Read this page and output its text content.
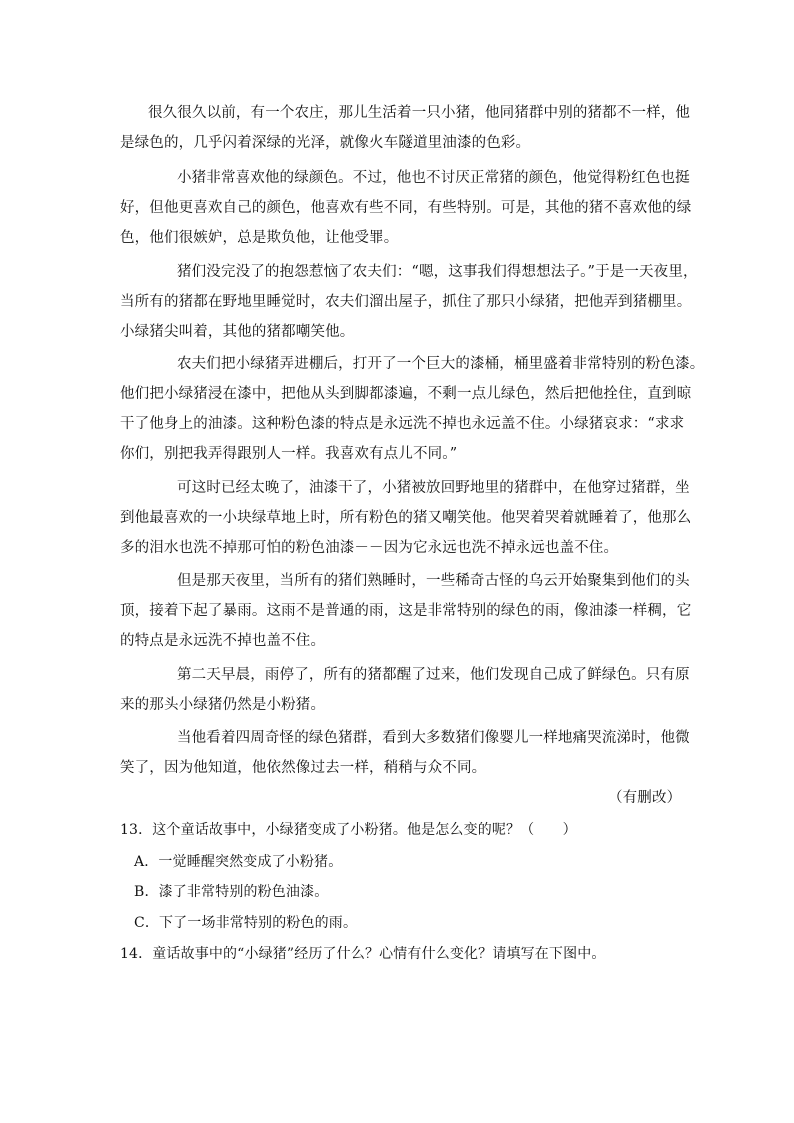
很久很久以前，有一个农庄，那儿生活着一只小猪，他同猪群中别的猪都不一样，他

是绿色的，几乎闪着深绿的光泽，就像火车隧道里油漆的色彩。

小猪非常喜欢他的绿颜色。不过，他也不讨厌正常猪的颜色，他觉得粉红色也挺

好，但他更喜欢自己的颜色，他喜欢有些不同，有些特别。可是，其他的猪不喜欢他的绿

色，他们很嫉妒，总是欺负他，让他受罪。

猪们没完没了的抱怨惹恼了农夫们：“嗯，这事我们得想想法子。”于是一天夜里，

当所有的猪都在野地里睡觉时，农夫们溜出屋子，抓住了那只小绿猪，把他弄到猪棚里。

小绿猪尖叫着，其他的猪都嘲笑他。

农夫们把小绿猪弄进棚后，打开了一个巨大的漆桶，桶里盛着非常特别的粉色漆。

他们把小绿猪浸在漆中，把他从头到脚都漆遍，不剩一点儿绿色，然后把他拴住，直到晾

干了他身上的油漆。这种粉色漆的特点是永远洗不掉也永远盖不住。小绿猪哀求：“求求

你们，别把我弄得跟别人一样。我喜欢有点儿不同。”

可这时已经太晚了，油漆干了，小猪被放回野地里的猪群中，在他穿过猪群，坐

到他最喜欢的一小块绿草地上时，所有粉色的猪又嘲笑他。他哭着哭着就睡着了，他那么

多的泪水也洗不掉那可怕的粉色油漆－－因为它永远也洗不掉永远也盖不住。

但是那天夜里，当所有的猪们熟睡时，一些稀奇古怪的乌云开始聚集到他们的头

顶，接着下起了暴雨。这雨不是普通的雨，这是非常特别的绿色的雨，像油漆一样稠，它

的特点是永远洗不掉也盖不住。

第二天早晨，雨停了，所有的猪都醒了过来，他们发现自己成了鲜绿色。只有原

来的那头小绿猪仍然是小粉猪。

当他看着四周奇怪的绿色猪群，看到大多数猪们像婴儿一样地痛哭流涕时，他微

笑了，因为他知道，他依然像过去一样，稍稍与众不同。

（有删改）

13．这个童话故事中，小绿猪变成了小粉猪。他是怎么变的呢？（　　）

A．一觉睡醒突然变成了小粉猪。

B．漆了非常特别的粉色油漆。

C．下了一场非常特别的粉色的雨。

14．童话故事中的“小绿猪”经历了什么？心情有什么变化？请填写在下图中。
